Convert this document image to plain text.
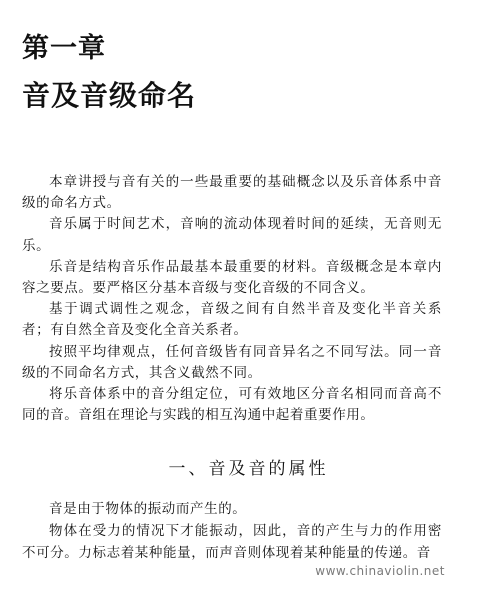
第一章
音及音级命名

本章讲授与音有关的一些最重要的基础概念以及乐音体系中音级的命名方式。

音乐属于时间艺术，音响的流动体现着时间的延续，无音则无乐。

乐音是结构音乐作品最基本最重要的材料。音级概念是本章内容之要点。要严格区分基本音级与变化音级的不同含义。

基于调式调性之观念，音级之间有自然半音及变化半音关系者；有自然全音及变化全音关系者。

按照平均律观点，任何音级皆有同音异名之不同写法。同一音级的不同命名方式，其含义截然不同。

将乐音体系中的音分组定位，可有效地区分音名相同而音高不同的音。音组在理论与实践的相互沟通中起着重要作用。

一、音及音的属性

音是由于物体的振动而产生的。

物体在受力的情况下才能振动，因此，音的产生与力的作用密不可分。力标志着某种能量，而声音则体现着某种能量的传递。音

www.chinaviolin.net
